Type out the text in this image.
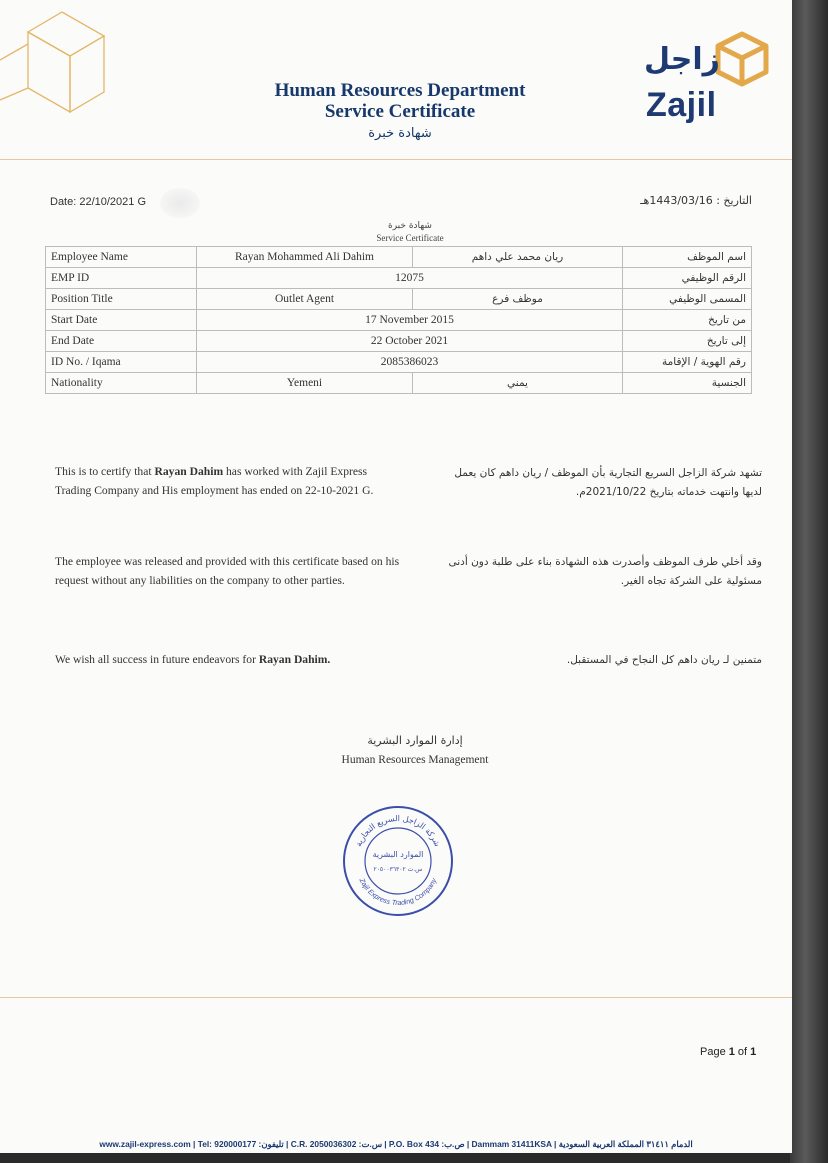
Human Resources Department
Service Certificate
شهادة خبرة
زاجل
Zajil
Date: 22/10/2021 G	التاريخ : 1443/03/16هـ
شهادة خبرة
Service Certificate
Employee Name	Rayan Mohammed Ali Dahim	ريان محمد علي داهم	اسم الموظف
EMP ID	12075		الرقم الوظيفي
Position Title	Outlet Agent	موظف فرع	المسمى الوظيفي
Start Date	17 November 2015		من تاريخ
End Date	22 October 2021		إلى تاريخ
ID No. / Iqama	2085386023		رقم الهوية / الإقامة
Nationality	Yemeni	يمني	الجنسية
This is to certify that Rayan Dahim has worked with Zajil Express Trading Company and His employment has ended on 22-10-2021 G.
تشهد شركة الزاجل السريع التجارية بأن الموظف / ريان داهم كان يعمل لديها وانتهت خدماته بتاريخ 2021/10/22م.
The employee was released and provided with this certificate based on his request without any liabilities on the company to other parties.
وقد أخلي طرف الموظف وأصدرت هذه الشهادة بناء على طلبة دون أدنى مسئولية على الشركة تجاه الغير.
We wish all success in future endeavors for Rayan Dahim.	متمنين لـ ريان داهم كل النجاح في المستقبل.
إدارة الموارد البشرية
Human Resources Management
شركة الزاجل السريع التجارية
Zajil Express Trading Company
الموارد البشرية
س.ت ٢٠٥٠٠٣٦٣٠٢
Page 1 of 1
www.zajil-express.com | Tel: 920000177 :تليفون | C.R. 2050036302 :س.ت | P.O. Box 434 :ص.ب | Dammam 31411KSA | الدمام ٣١٤١١ المملكة العربية السعودية
